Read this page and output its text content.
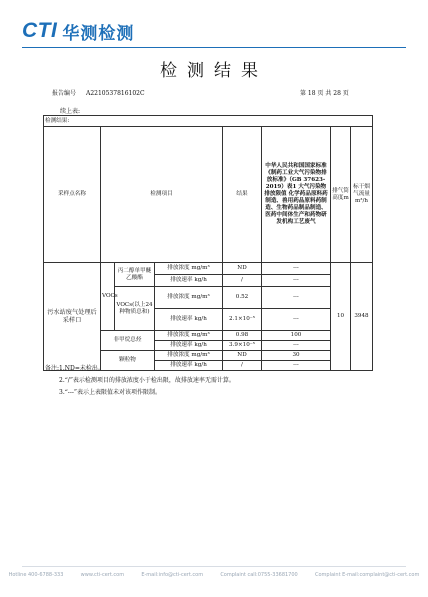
CTI 华测检测
检测结果
报告编号 A2210537816102C	第 18 页 共 28 页
续上表:
检测结果:							
采样点名称	检测项目			结果	中华人民共和国国家标准《制药工业大气污染物排放标准》（GB 37623-2019）表1 大气污染物排放限值 化学药品原料药制造、兽用药品原料药制造、生物药品制品制造、医药中间体生产和药物研发机构工艺废气	排气筒高度m	标干烟气流量m³/h
污水站废气处理后采样口	VOCs	丙二醇单甲醚乙酸酯	排放浓度 mg/m³	ND	---	10	3948
			排放速率 kg/h	/	---		
		VOCs(以上24种物质总和)	排放浓度 mg/m³	0.52	---		
			排放速率 kg/h	2.1×10⁻⁵	---		
	非甲烷总烃		排放浓度 mg/m³	0.98	100		
			排放速率 kg/h	3.9×10⁻⁵	---		
	颗粒物		排放浓度 mg/m³	ND	30		
			排放速率 kg/h	/	---		
备注:1.ND=未检出。
2.“/”表示检测项目的排放浓度小于检出限，故排放速率无需计算。
3.“---”表示上表限值未对该项作限制。
Hotline 400-6788-333	www.cti-cert.com	E-mail:info@cti-cert.com	Complaint call:0755-33681700	Complaint E-mail:complaint@cti-cert.com
